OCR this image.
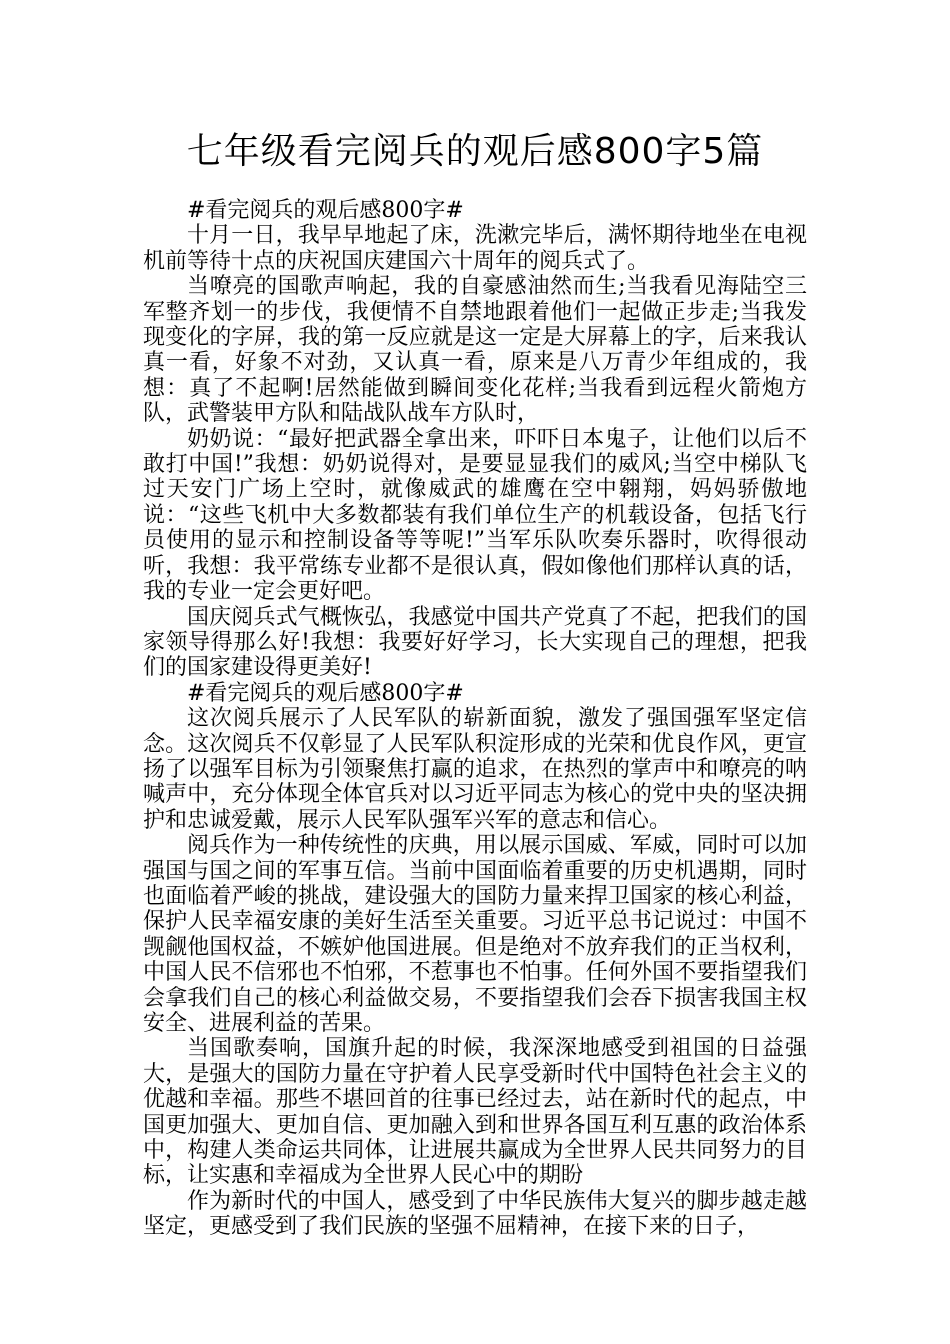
七年级看完阅兵的观后感800字5篇

#看完阅兵的观后感800字#

十月一日，我早早地起了床，洗漱完毕后，满怀期待地坐在电视机前等待十点的庆祝国庆建国六十周年的阅兵式了。

当嘹亮的国歌声响起，我的自豪感油然而生;当我看见海陆空三军整齐划一的步伐，我便情不自禁地跟着他们一起做正步走;当我发现变化的字屏，我的第一反应就是这一定是大屏幕上的字，后来我认真一看，好象不对劲，又认真一看，原来是八万青少年组成的，我想：真了不起啊!居然能做到瞬间变化花样;当我看到远程火箭炮方队，武警装甲方队和陆战队战车方队时，

奶奶说：“最好把武器全拿出来，吓吓日本鬼子，让他们以后不敢打中国!”我想：奶奶说得对，是要显显我们的威风;当空中梯队飞过天安门广场上空时，就像威武的雄鹰在空中翱翔，妈妈骄傲地说：“这些飞机中大多数都装有我们单位生产的机载设备，包括飞行员使用的显示和控制设备等等呢!”当军乐队吹奏乐器时，吹得很动听，我想：我平常练专业都不是很认真，假如像他们那样认真的话，我的专业一定会更好吧。

国庆阅兵式气概恢弘，我感觉中国共产党真了不起，把我们的国家领导得那么好!我想：我要好好学习，长大实现自己的理想，把我们的国家建设得更美好!

#看完阅兵的观后感800字#

这次阅兵展示了人民军队的崭新面貌，激发了强国强军坚定信念。这次阅兵不仅彰显了人民军队积淀形成的光荣和优良作风，更宣扬了以强军目标为引领聚焦打赢的追求，在热烈的掌声中和嘹亮的呐喊声中，充分体现全体官兵对以习近平同志为核心的党中央的坚决拥护和忠诚爱戴，展示人民军队强军兴军的意志和信心。

阅兵作为一种传统性的庆典，用以展示国威、军威，同时可以加强国与国之间的军事互信。当前中国面临着重要的历史机遇期，同时也面临着严峻的挑战，建设强大的国防力量来捍卫国家的核心利益，保护人民幸福安康的美好生活至关重要。习近平总书记说过：中国不觊觎他国权益，不嫉妒他国进展。但是绝对不放弃我们的正当权利，中国人民不信邪也不怕邪，不惹事也不怕事。任何外国不要指望我们会拿我们自己的核心利益做交易，不要指望我们会吞下损害我国主权安全、进展利益的苦果。

当国歌奏响，国旗升起的时候，我深深地感受到祖国的日益强大，是强大的国防力量在守护着人民享受新时代中国特色社会主义的优越和幸福。那些不堪回首的往事已经过去，站在新时代的起点，中国更加强大、更加自信、更加融入到和世界各国互利互惠的政治体系中，构建人类命运共同体，让进展共赢成为全世界人民共同努力的目标，让实惠和幸福成为全世界人民心中的期盼

作为新时代的中国人，感受到了中华民族伟大复兴的脚步越走越坚定，更感受到了我们民族的坚强不屈精神，在接下来的日子，
